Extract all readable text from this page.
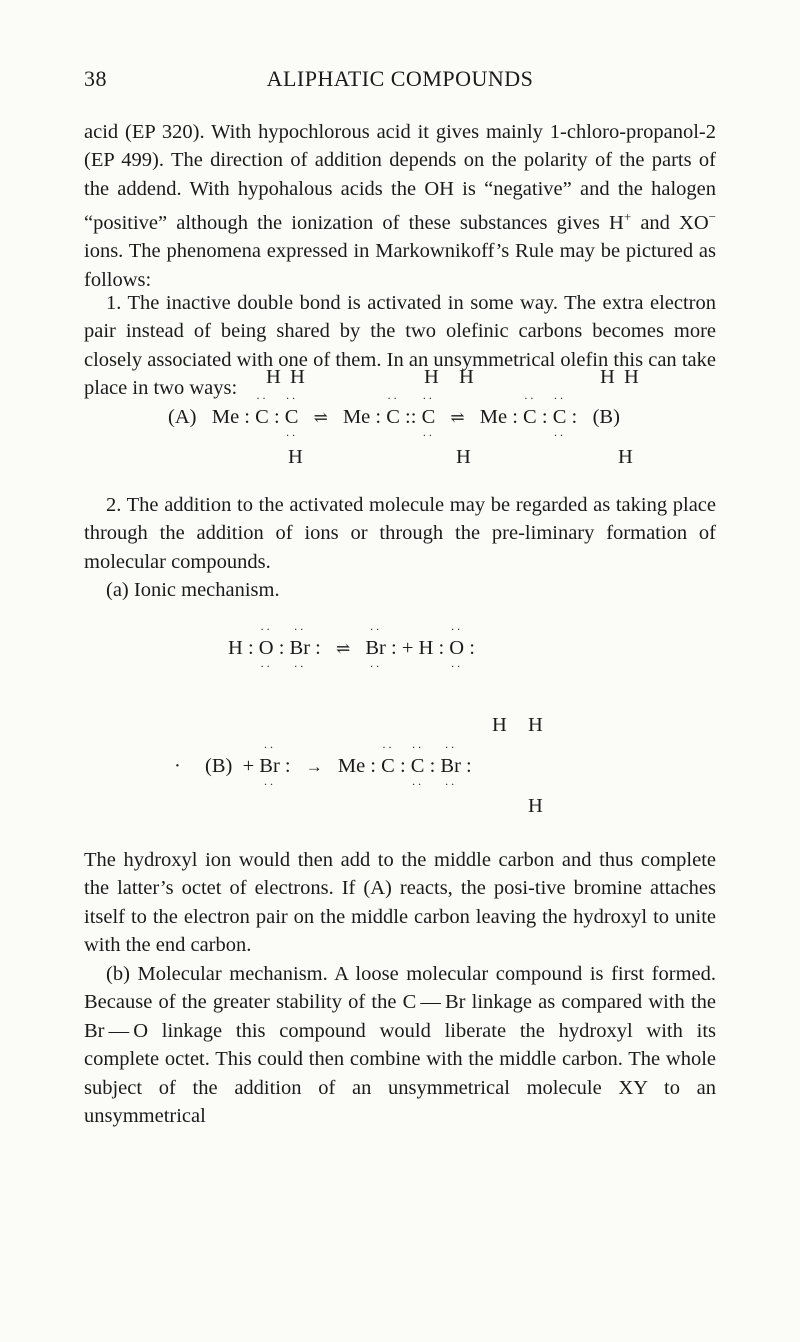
38	ALIPHATIC COMPOUNDS

acid (EP 320). With hypochlorous acid it gives mainly 1-chloro-propanol-2 (EP 499). The direction of addition depends on the polarity of the parts of the addend. With hypohalous acids the OH is “negative” and the halogen “positive” although the ionization of these substances gives H+ and XO− ions. The phenomena expressed in Markownikoff’s Rule may be pictured as follows:

1. The inactive double bond is activated in some way. The extra electron pair instead of being shared by the two olefinic carbons becomes more closely associated with one of them. In an unsymmetrical olefin this can take place in two ways:

H H	H H	H H
(A) Me :
··
C :
··
C
··
⇌ Me :
··
C ::
··
C
··
⇌ Me :
··
C :
··
C
··
: (B)
H	H	H

2. The addition to the activated molecule may be regarded as taking place through the addition of ions or through the pre-liminary formation of molecular compounds.

(a) Ionic mechanism.

H :
··
O
··
:
··
Br
··
: ⇌
··
Br
··
: + H :
··
O
··
:
H H
· (B) +
··
Br
··
: → Me :
··
C :
··
C
··
:
··
Br
··
:
H

The hydroxyl ion would then add to the middle carbon and thus complete the latter’s octet of electrons. If (A) reacts, the posi-tive bromine attaches itself to the electron pair on the middle carbon leaving the hydroxyl to unite with the end carbon.

(b) Molecular mechanism. A loose molecular compound is first formed. Because of the greater stability of the C — Br linkage as compared with the Br — O linkage this compound would liberate the hydroxyl with its complete octet. This could then combine with the middle carbon. The whole subject of the addition of an unsymmetrical molecule XY to an unsymmetrical
